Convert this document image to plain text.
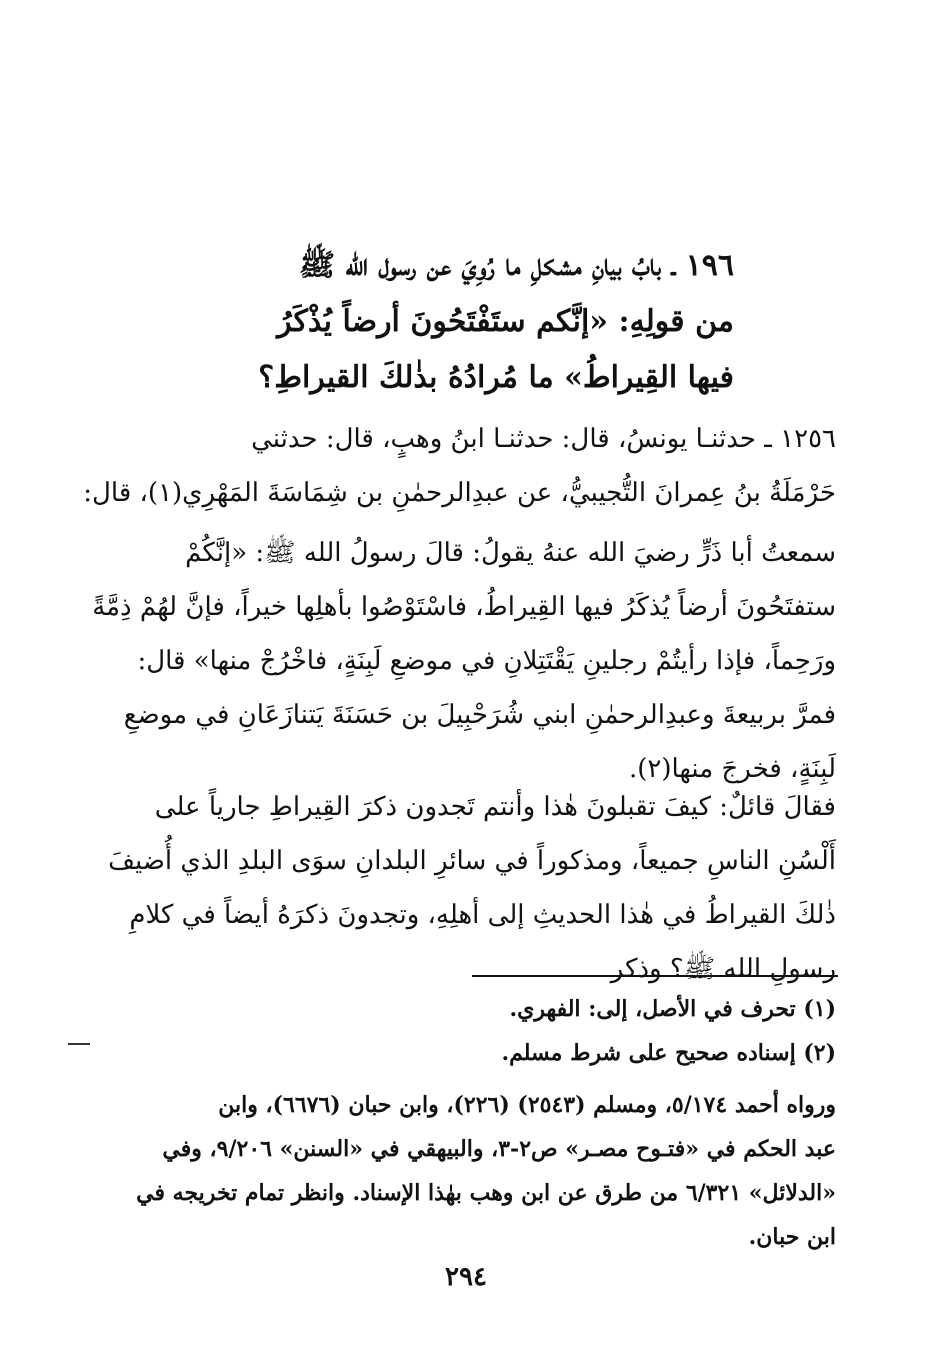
١٩٦ ـ بابُ بيانِ مشكلِ ما رُوِيَ عن رسول الله ﷺ
من قولِهِ: «إنَّكم ستَفْتَحُونَ أرضاً يُذْكَرُ
فيها القِيراطُ» ما مُرادُهُ بذٰلكَ القيراطِ؟
١٢٥٦ ـ حدثنـا يونسُ، قال: حدثنـا ابنُ وهبٍ، قال: حدثني
حَرْمَلَةُ بنُ عِمرانَ التُّجيبيُّ، عن عبدِالرحمٰنِ بن شِمَاسَةَ المَهْرِي(١)، قال:
سمعتُ أبا ذَرٍّ رضيَ الله عنهُ يقولُ: قالَ رسولُ الله ﷺ: «إنَّكُمْ
ستفتَحُونَ أرضاً يُذكَرُ فيها القِيراطُ، فاسْتَوْصُوا بأهلِها خيراً، فإنَّ لهُمْ ذِمَّةً
ورَحِماً، فإذا رأيتُمْ رجلينِ يَقْتَتِلانِ في موضعِ لَبِنَةٍ، فاخْرُجْ منها» قال:
فمرَّ بربيعةَ وعبدِالرحمٰنِ ابني شُرَحْبِيلَ بن حَسَنَةَ يَتنازَعَانِ في موضعِ
لَبِنَةٍ، فخرجَ منها(٢).
فقالَ قائلٌ: كيفَ تقبلونَ هٰذا وأنتم تَجدون ذكرَ القِيراطِ جارياً على
أَلْسُنِ الناسِ جميعاً، ومذكوراً في سائرِ البلدانِ سوَى البلدِ الذي أُضيفَ
ذٰلكَ القيراطُ في هٰذا الحديثِ إلى أهلِهِ، وتجدونَ ذكرَهُ أيضاً في كلامِ
رسولِ الله ﷺ؟ وذكر
(١) تحرف في الأصل، إلى: الفهري.
(٢) إسناده صحيح على شرط مسلم.
ورواه أحمد ٥/١٧٤، ومسلم (٢٥٤٣) (٢٢٦)، وابن حبان (٦٦٧٦)، وابن
عبد الحكم في «فتـوح مصـر» ص٢-٣، والبيهقي في «السنن» ٩/٢٠٦، وفي
«الدلائل» ٦/٣٢١ من طرق عن ابن وهب بهٰذا الإسناد. وانظر تمام تخريجه في
ابن حبان.
٢٩٤
